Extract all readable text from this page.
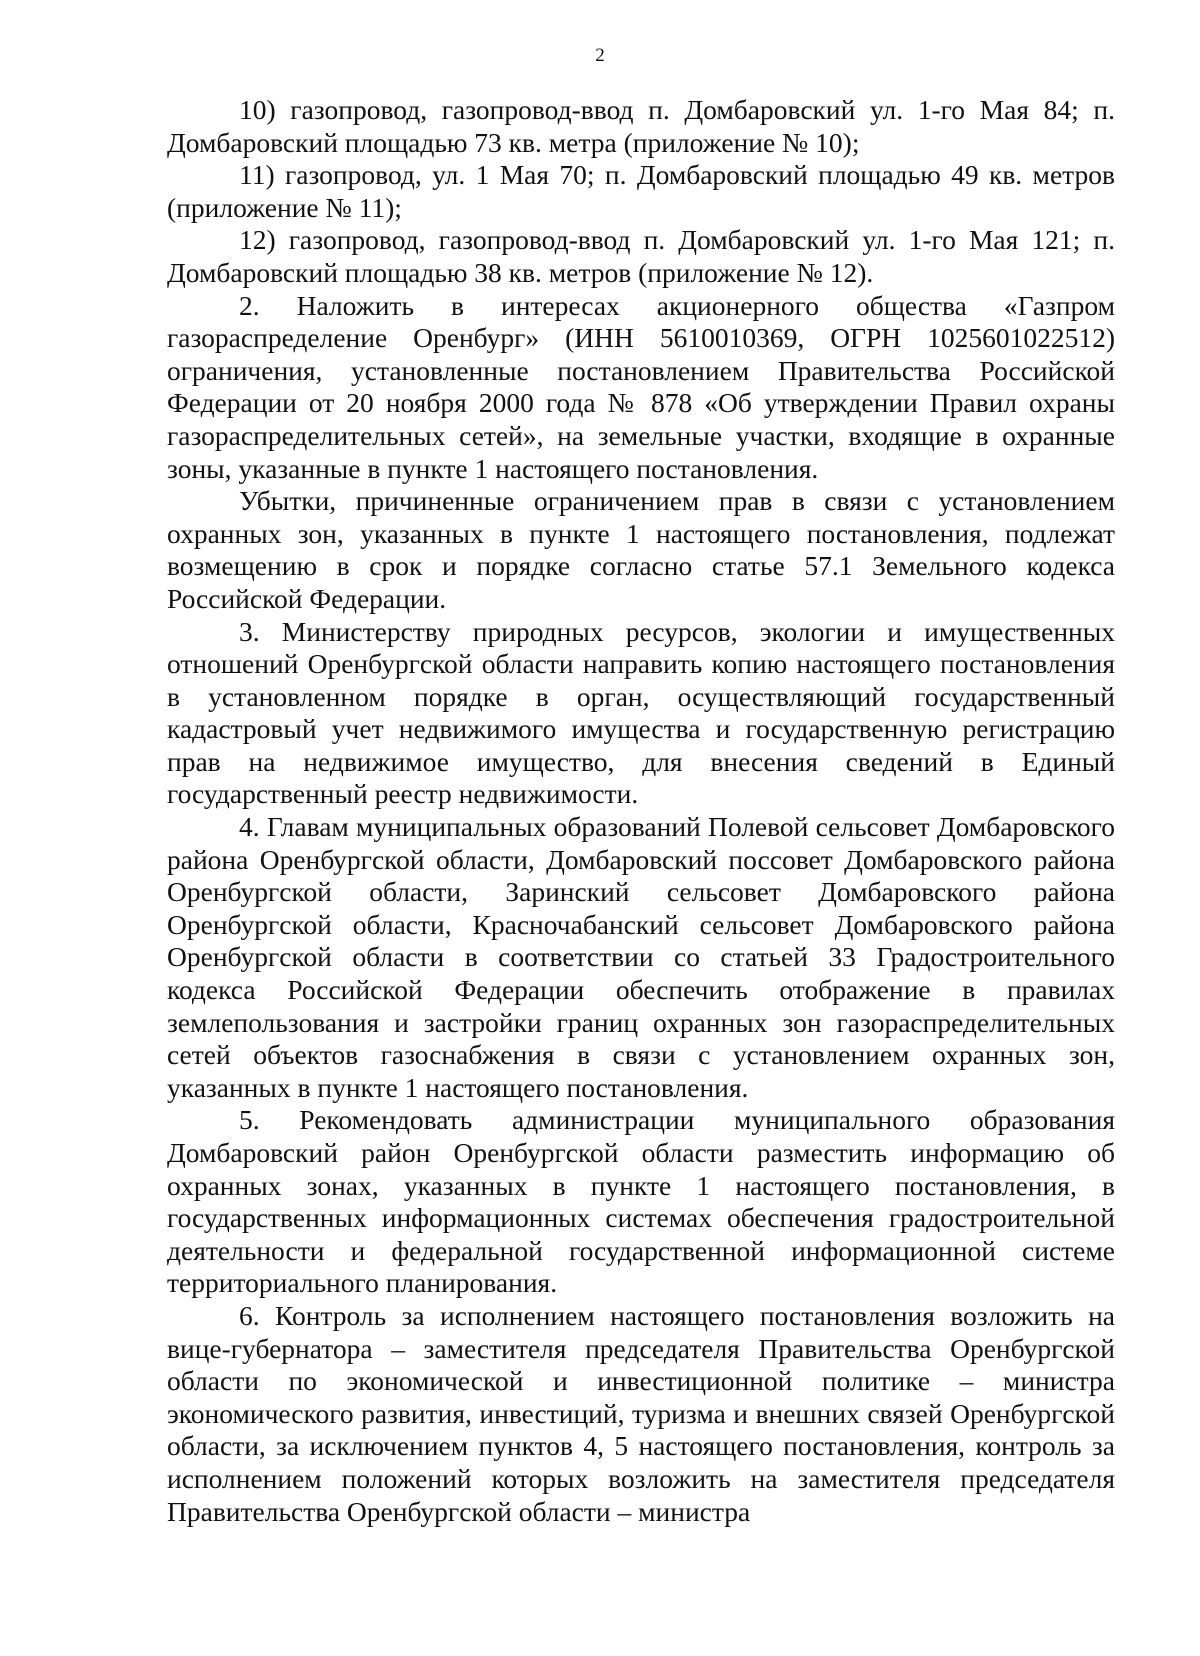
2

10) газопровод, газопровод-ввод п. Домбаровский ул. 1-го Мая 84; п. Домбаровский площадью 73 кв. метра (приложение № 10);

11) газопровод, ул. 1 Мая 70; п. Домбаровский площадью 49 кв. метров (приложение № 11);

12) газопровод, газопровод-ввод п. Домбаровский ул. 1-го Мая 121; п. Домбаровский площадью 38 кв. метров (приложение № 12).

2. Наложить в интересах акционерного общества «Газпром газораспределение Оренбург» (ИНН 5610010369, ОГРН 1025601022512) ограничения, установленные постановлением Правительства Российской Федерации от 20 ноября 2000 года № 878 «Об утверждении Правил охраны газораспределительных сетей», на земельные участки, входящие в охранные зоны, указанные в пункте 1 настоящего постановления.

Убытки, причиненные ограничением прав в связи с установлением охранных зон, указанных в пункте 1 настоящего постановления, подлежат возмещению в срок и порядке согласно статье 57.1 Земельного кодекса Российской Федерации.

3. Министерству природных ресурсов, экологии и имущественных отношений Оренбургской области направить копию настоящего постановления в установленном порядке в орган, осуществляющий государственный кадастровый учет недвижимого имущества и государственную регистрацию прав на недвижимое имущество, для внесения сведений в Единый государственный реестр недвижимости.

4. Главам муниципальных образований Полевой сельсовет Домбаровского района Оренбургской области, Домбаровский поссовет Домбаровского района Оренбургской области, Заринский сельсовет Домбаровского района Оренбургской области, Красночабанский сельсовет Домбаровского района Оренбургской области в соответствии со статьей 33 Градостроительного кодекса Российской Федерации обеспечить отображение в правилах землепользования и застройки границ охранных зон газораспределительных сетей объектов газоснабжения в связи с установлением охранных зон, указанных в пункте 1 настоящего постановления.

5. Рекомендовать администрации муниципального образования Домбаровский район Оренбургской области разместить информацию об охранных зонах, указанных в пункте 1 настоящего постановления, в государственных информационных системах обеспечения градостроительной деятельности и федеральной государственной информационной системе территориального планирования.

6. Контроль за исполнением настоящего постановления возложить на вице-губернатора – заместителя председателя Правительства Оренбургской области по экономической и инвестиционной политике – министра экономического развития, инвестиций, туризма и внешних связей Оренбургской области, за исключением пунктов 4, 5 настоящего постановления, контроль за исполнением положений которых возложить на заместителя председателя Правительства Оренбургской области – министра
